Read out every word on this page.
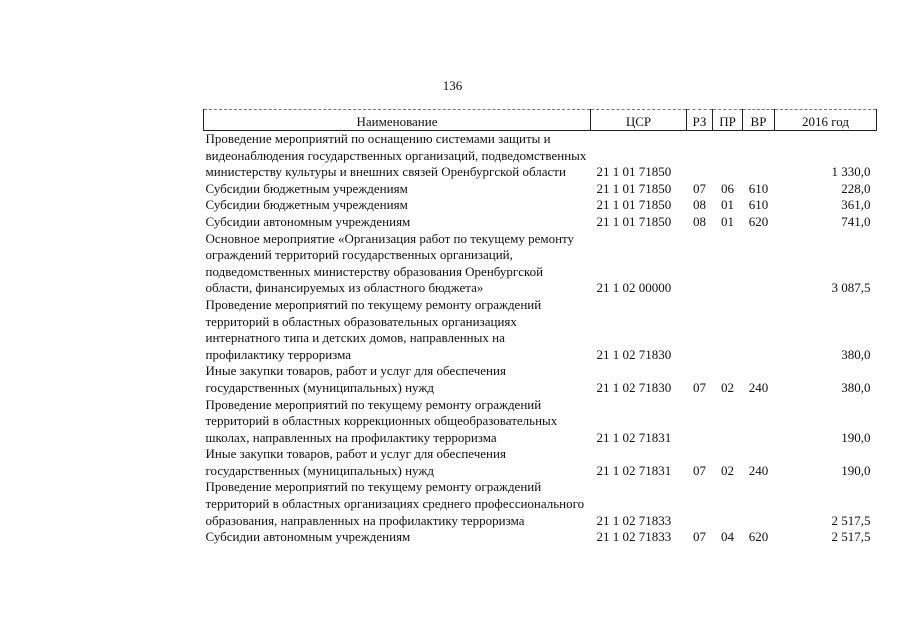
136
Наименование	ЦСР	РЗ	ПР	ВР	2016 год
Проведение мероприятий по оснащению системами защиты и видеонаблюдения государственных организаций, подведомственных министерству культуры и внешних связей Оренбургской области	21 1 01 71850				1 330,0
Субсидии бюджетным учреждениям	21 1 01 71850	07	06	610	228,0
Субсидии бюджетным учреждениям	21 1 01 71850	08	01	610	361,0
Субсидии автономным учреждениям	21 1 01 71850	08	01	620	741,0
Основное мероприятие «Организация работ по текущему ремонту ограждений территорий государственных организаций, подведомственных министерству образования Оренбургской области, финансируемых из областного бюджета»	21 1 02 00000				3 087,5
Проведение мероприятий по текущему ремонту ограждений территорий в областных образовательных организациях интернатного типа и детских домов, направленных на профилактику терроризма	21 1 02 71830				380,0
Иные закупки товаров, работ и услуг для обеспечения государственных (муниципальных) нужд	21 1 02 71830	07	02	240	380,0
Проведение мероприятий по текущему ремонту ограждений территорий в областных коррекционных общеобразовательных школах, направленных на профилактику терроризма	21 1 02 71831				190,0
Иные закупки товаров, работ и услуг для обеспечения государственных (муниципальных) нужд	21 1 02 71831	07	02	240	190,0
Проведение мероприятий по текущему ремонту ограждений территорий в областных организациях среднего профессионального образования, направленных на профилактику терроризма	21 1 02 71833				2 517,5
Субсидии автономным учреждениям	21 1 02 71833	07	04	620	2 517,5
